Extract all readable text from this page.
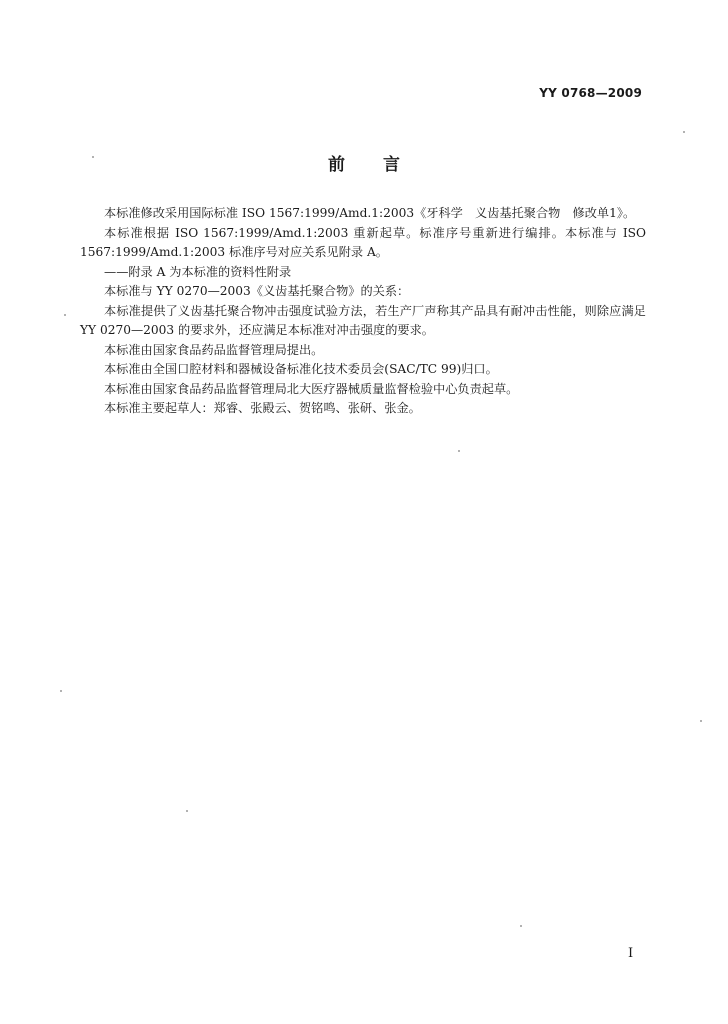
YY 0768—2009
前言

本标准修改采用国际标准 ISO 1567:1999/Amd.1:2003《牙科学　义齿基托聚合物　修改单1》。

本标准根据 ISO 1567:1999/Amd.1:2003 重新起草。标准序号重新进行编排。本标准与 ISO 1567:1999/Amd.1:2003 标准序号对应关系见附录 A。

——附录 A 为本标准的资料性附录

本标准与 YY 0270—2003《义齿基托聚合物》的关系：

本标准提供了义齿基托聚合物冲击强度试验方法，若生产厂声称其产品具有耐冲击性能，则除应满足 YY 0270—2003 的要求外，还应满足本标准对冲击强度的要求。

本标准由国家食品药品监督管理局提出。

本标准由全国口腔材料和器械设备标准化技术委员会(SAC/TC 99)归口。

本标准由国家食品药品监督管理局北大医疗器械质量监督检验中心负责起草。

本标准主要起草人：郑睿、张殿云、贺铭鸣、张研、张金。

I
